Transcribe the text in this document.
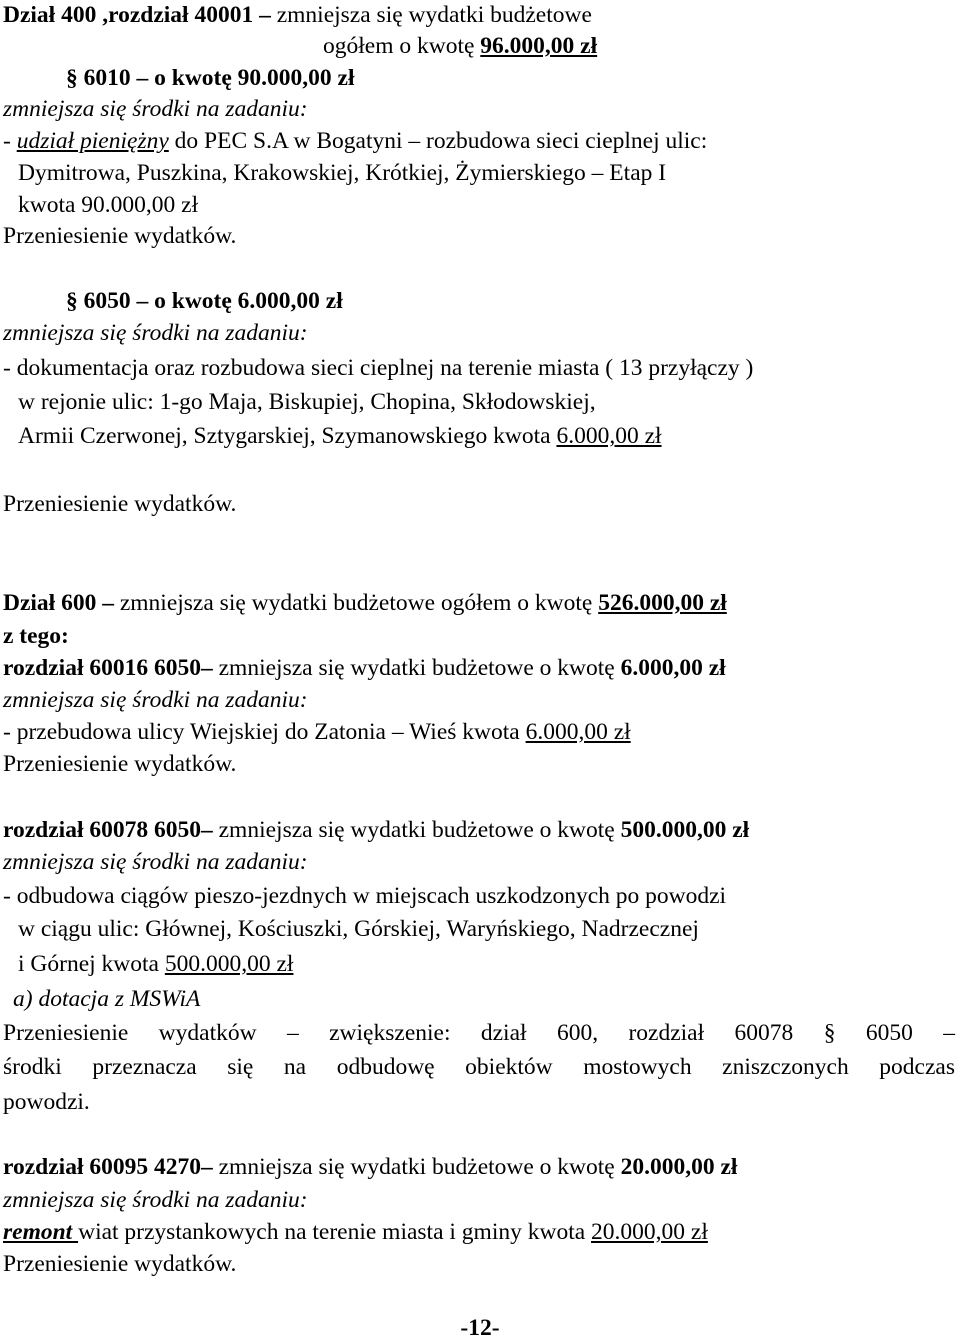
Dział 400 ,rozdział 40001 – zmniejsza się wydatki budżetowe
ogółem o kwotę 96.000,00 zł
§ 6010 – o kwotę 90.000,00 zł
zmniejsza się środki na zadaniu:
- udział pieniężny do PEC S.A w Bogatyni – rozbudowa sieci cieplnej ulic:
Dymitrowa, Puszkina, Krakowskiej, Krótkiej, Żymierskiego – Etap I
kwota 90.000,00 zł
Przeniesienie wydatków.
§ 6050 – o kwotę 6.000,00 zł
zmniejsza się środki na zadaniu:
- dokumentacja oraz rozbudowa sieci cieplnej na terenie miasta ( 13 przyłączy )
w rejonie ulic: 1-go Maja, Biskupiej, Chopina, Skłodowskiej,
Armii Czerwonej, Sztygarskiej, Szymanowskiego kwota 6.000,00 zł
Przeniesienie wydatków.
Dział 600 – zmniejsza się wydatki budżetowe ogółem o kwotę 526.000,00 zł
z tego:
rozdział 60016 6050– zmniejsza się wydatki budżetowe o kwotę 6.000,00 zł
zmniejsza się środki na zadaniu:
- przebudowa ulicy Wiejskiej do Zatonia – Wieś kwota 6.000,00 zł
Przeniesienie wydatków.
rozdział 60078 6050– zmniejsza się wydatki budżetowe o kwotę 500.000,00 zł
zmniejsza się środki na zadaniu:
- odbudowa ciągów pieszo-jezdnych w miejscach uszkodzonych po powodzi
w ciągu ulic: Głównej, Kościuszki, Górskiej, Waryńskiego, Nadrzecznej
i Górnej kwota 500.000,00 zł
a) dotacja z MSWiA
Przeniesienie wydatków – zwiększenie: dział 600, rozdział 60078 § 6050 –
środki przeznacza się na odbudowę obiektów mostowych zniszczonych podczas
powodzi.
rozdział 60095 4270– zmniejsza się wydatki budżetowe o kwotę 20.000,00 zł
zmniejsza się środki na zadaniu:
remont wiat przystankowych na terenie miasta i gminy kwota 20.000,00 zł
Przeniesienie wydatków.
-12-
